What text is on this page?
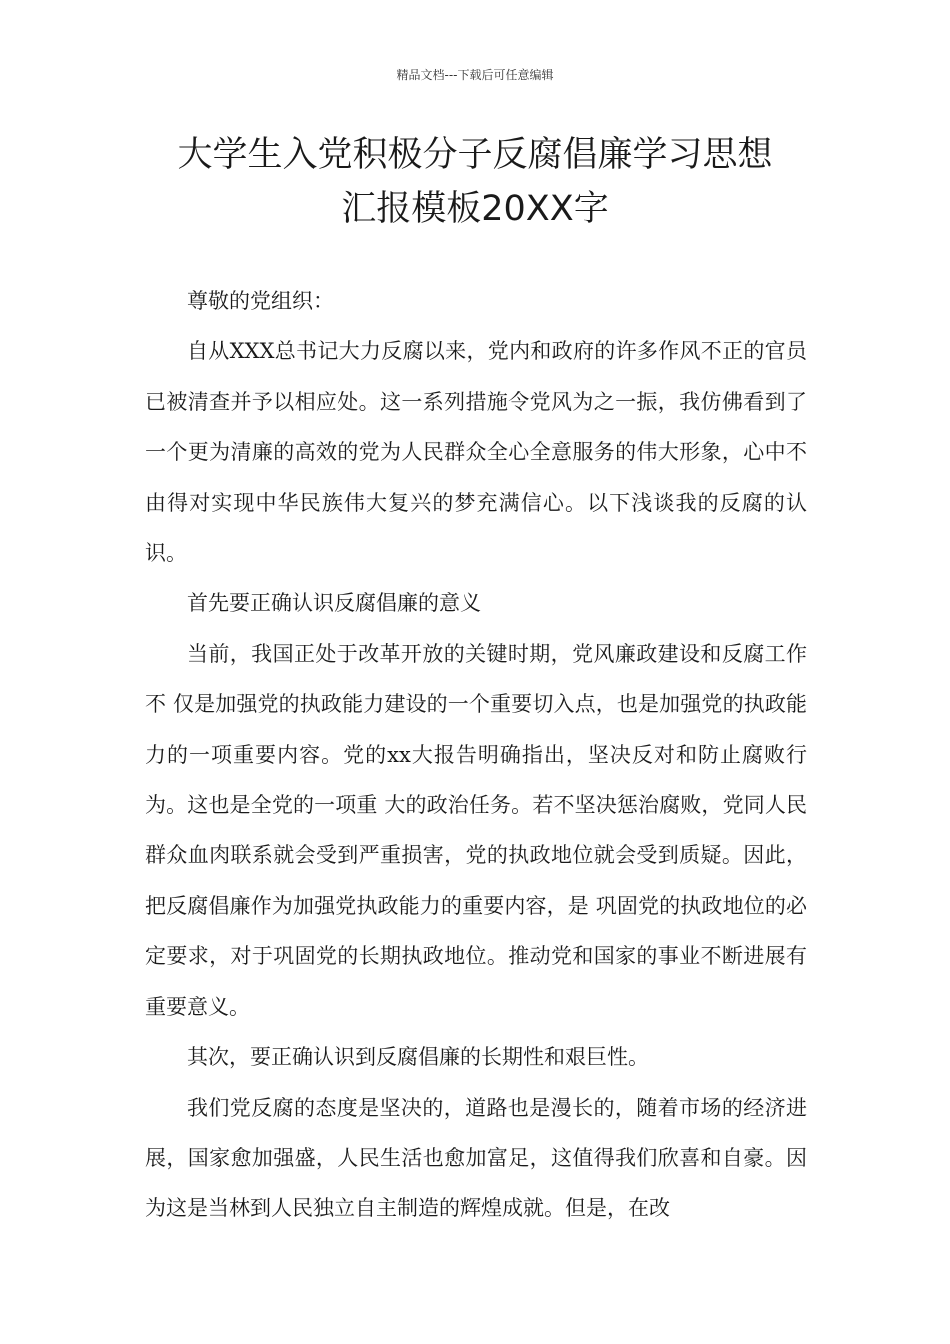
精品文档---下载后可任意编辑
大学生入党积极分子反腐倡廉学习思想
汇报模板20XX字

尊敬的党组织：

自从XXX总书记大力反腐以来，党内和政府的许多作风不正的官员已被清查并予以相应处。这一系列措施令党风为之一振，我仿佛看到了一个更为清廉的高效的党为人民群众全心全意服务的伟大形象，心中不由得对实现中华民族伟大复兴的梦充满信心。以下浅谈我的反腐的认识。

首先要正确认识反腐倡廉的意义

当前，我国正处于改革开放的关键时期，党风廉政建设和反腐工作不 仅是加强党的执政能力建设的一个重要切入点，也是加强党的执政能力的一项重要内容。党的xx大报告明确指出，坚决反对和防止腐败行为。这也是全党的一项重 大的政治任务。若不坚决惩治腐败，党同人民群众血肉联系就会受到严重损害，党的执政地位就会受到质疑。因此，把反腐倡廉作为加强党执政能力的重要内容，是 巩固党的执政地位的必定要求，对于巩固党的长期执政地位。推动党和国家的事业不断进展有重要意义。

其次，要正确认识到反腐倡廉的长期性和艰巨性。

我们党反腐的态度是坚决的，道路也是漫长的，随着市场的经济进展，国家愈加强盛，人民生活也愈加富足，这值得我们欣喜和自豪。因为这是当林到人民独立自主制造的辉煌成就。但是，在改
